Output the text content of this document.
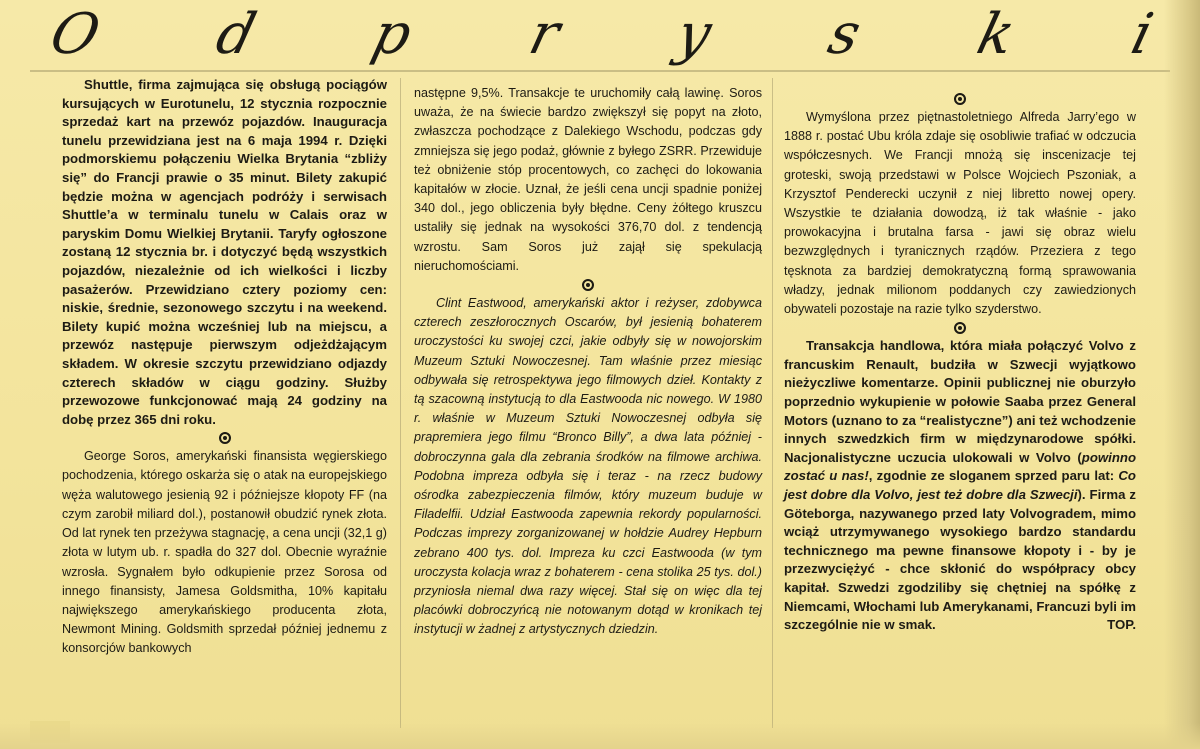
O d p r y s k i

Shuttle, firma zajmująca się obsługą pociągów kursujących w Eurotunelu, 12 stycznia rozpocznie sprzedaż kart na przewóz pojazdów. Inauguracja tunelu przewidziana jest na 6 maja 1994 r. Dzięki podmorskiemu połączeniu Wielka Brytania “zbliży się” do Francji prawie o 35 minut. Bilety zakupić będzie można w agencjach podróży i serwisach Shuttle’a w terminalu tunelu w Calais oraz w paryskim Domu Wielkiej Brytanii. Taryfy ogłoszone zostaną 12 stycznia br. i dotyczyć będą wszystkich pojazdów, niezależnie od ich wielkości i liczby pasażerów. Przewidziano cztery poziomy cen: niskie, średnie, sezonowego szczytu i na weekend. Bilety kupić można wcześniej lub na miejscu, a przewóz następuje pierwszym odjeżdżającym składem. W okresie szczytu przewidziano odjazdy czterech składów w ciągu godziny. Służby przewozowe funkcjonować mają 24 godziny na dobę przez 365 dni roku.

George Soros, amerykański finansista węgierskiego pochodzenia, którego oskarża się o atak na europejskiego węża walutowego jesienią 92 i późniejsze kłopoty FF (na czym zarobił miliard dol.), postanowił obudzić rynek złota. Od lat rynek ten przeżywa stagnację, a cena uncji (32,1 g) złota w lutym ub. r. spadła do 327 dol. Obecnie wyraźnie wzrosła. Sygnałem było odkupienie przez Sorosa od innego finansisty, Jamesa Goldsmitha, 10% kapitału największego amerykańskiego producenta złota, Newmont Mining. Goldsmith sprzedał później jednemu z konsorcjów bankowych

następne 9,5%. Transakcje te uruchomiły całą lawinę. Soros uważa, że na świecie bardzo zwiększył się popyt na złoto, zwłaszcza pochodzące z Dalekiego Wschodu, podczas gdy zmniejsza się jego podaż, głównie z byłego ZSRR. Przewiduje też obniżenie stóp procentowych, co zachęci do lokowania kapitałów w złocie. Uznał, że jeśli cena uncji spadnie poniżej 340 dol., jego obliczenia były błędne. Ceny żółtego kruszcu ustaliły się jednak na wysokości 376,70 dol. z tendencją wzrostu. Sam Soros już zajął się spekulacją nieruchomościami.

Clint Eastwood, amerykański aktor i reżyser, zdobywca czterech zeszłorocznych Oscarów, był jesienią bohaterem uroczystości ku swojej czci, jakie odbyły się w nowojorskim Muzeum Sztuki Nowoczesnej. Tam właśnie przez miesiąc odbywała się retrospektywa jego filmowych dzieł. Kontakty z tą szacowną instytucją to dla Eastwooda nic nowego. W 1980 r. właśnie w Muzeum Sztuki Nowoczesnej odbyła się prapremiera jego filmu “Bronco Billy”, a dwa lata później - dobroczynna gala dla zebrania środków na filmowe archiwa. Podobna impreza odbyła się i teraz - na rzecz budowy ośrodka zabezpieczenia filmów, który muzeum buduje w Filadelfii. Udział Eastwooda zapewnia rekordy popularności. Podczas imprezy zorganizowanej w hołdzie Audrey Hepburn zebrano 400 tys. dol. Impreza ku czci Eastwooda (w tym uroczysta kolacja wraz z bohaterem - cena stolika 25 tys. dol.) przyniosła niemal dwa razy więcej. Stał się on więc dla tej placówki dobroczyńcą nie notowanym dotąd w kronikach tej instytucji w żadnej z artystycznych dziedzin.

Wymyślona przez piętnastoletniego Alfreda Jarry’ego w 1888 r. postać Ubu króla zdaje się osobliwie trafiać w odczucia współczesnych. We Francji mnożą się inscenizacje tej groteski, swoją przedstawi w Polsce Wojciech Pszoniak, a Krzysztof Penderecki uczynił z niej libretto nowej opery. Wszystkie te działania dowodzą, iż tak właśnie - jako prowokacyjna i brutalna farsa - jawi się obraz wielu bezwzględnych i tyranicznych rządów. Przeziera z tego tęsknota za bardziej demokratyczną formą sprawowania władzy, jednak milionom poddanych czy zawiedzionych obywateli pozostaje na razie tylko szyderstwo.

Transakcja handlowa, która miała połączyć Volvo z francuskim Renault, budziła w Szwecji wyjątkowo nieżyczliwe komentarze. Opinii publicznej nie oburzyło poprzednio wykupienie w połowie Saaba przez General Motors (uznano to za “realistyczne”) ani też wchodzenie innych szwedzkich firm w międzynarodowe spółki. Nacjonalistyczne uczucia ulokowali w Volvo (powinno zostać u nas!, zgodnie ze sloganem sprzed paru lat: Co jest dobre dla Volvo, jest też dobre dla Szwecji). Firma z Göteborga, nazywanego przed laty Volvogradem, mimo wciąż utrzymywanego wysokiego bardzo standardu technicznego ma pewne finansowe kłopoty i - by je przezwyciężyć - chce skłonić do współpracy obcy kapitał. Szwedzi zgodziliby się chętniej na spółkę z Niemcami, Włochami lub Amerykanami, Francuzi byli im szczególnie nie w smak.	TOP.
